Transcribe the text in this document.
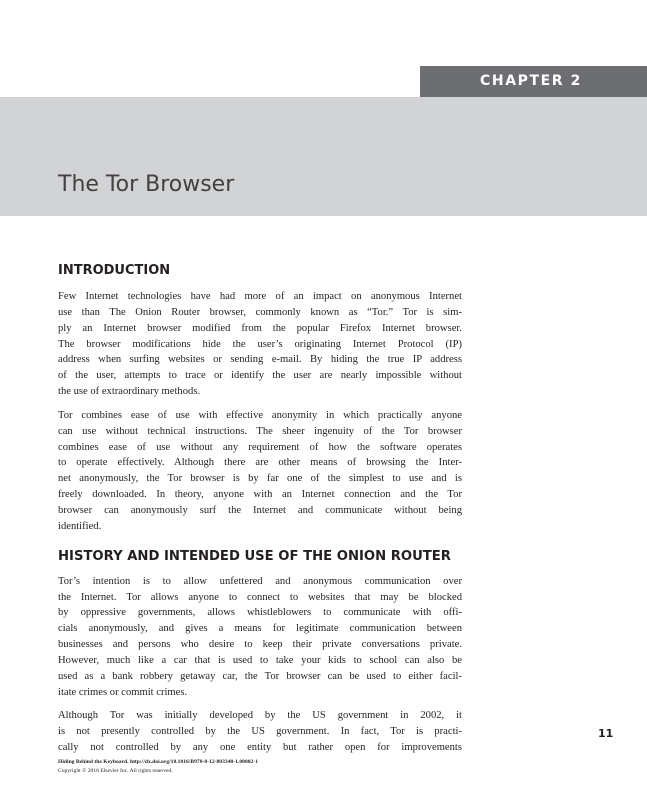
CHAPTER 2
The Tor Browser
INTRODUCTION

Few Internet technologies have had more of an impact on anonymous Internet
use than The Onion Router browser, commonly known as “Tor.” Tor is sim-
ply an Internet browser modified from the popular Firefox Internet browser.
The browser modifications hide the user’s originating Internet Protocol (IP)
address when surfing websites or sending e-mail. By hiding the true IP address
of the user, attempts to trace or identify the user are nearly impossible without
the use of extraordinary methods.

Tor combines ease of use with effective anonymity in which practically anyone
can use without technical instructions. The sheer ingenuity of the Tor browser
combines ease of use without any requirement of how the software operates
to operate effectively. Although there are other means of browsing the Inter-
net anonymously, the Tor browser is by far one of the simplest to use and is
freely downloaded. In theory, anyone with an Internet connection and the Tor
browser can anonymously surf the Internet and communicate without being
identified.

HISTORY AND INTENDED USE OF THE ONION ROUTER

Tor’s intention is to allow unfettered and anonymous communication over
the Internet. Tor allows anyone to connect to websites that may be blocked
by oppressive governments, allows whistleblowers to communicate with offi-
cials anonymously, and gives a means for legitimate communication between
businesses and persons who desire to keep their private conversations private.
However, much like a car that is used to take your kids to school can also be
used as a bank robbery getaway car, the Tor browser can be used to either facil-
itate crimes or commit crimes.

Although Tor was initially developed by the US government in 2002, it
is not presently controlled by the US government. In fact, Tor is practi-
cally not controlled by any one entity but rather open for improvements

11
Hiding Behind the Keyboard. http://dx.doi.org/10.1016/B978-0-12-803340-1.00002-1
Copyright © 2016 Elsevier Inc. All rights reserved.
